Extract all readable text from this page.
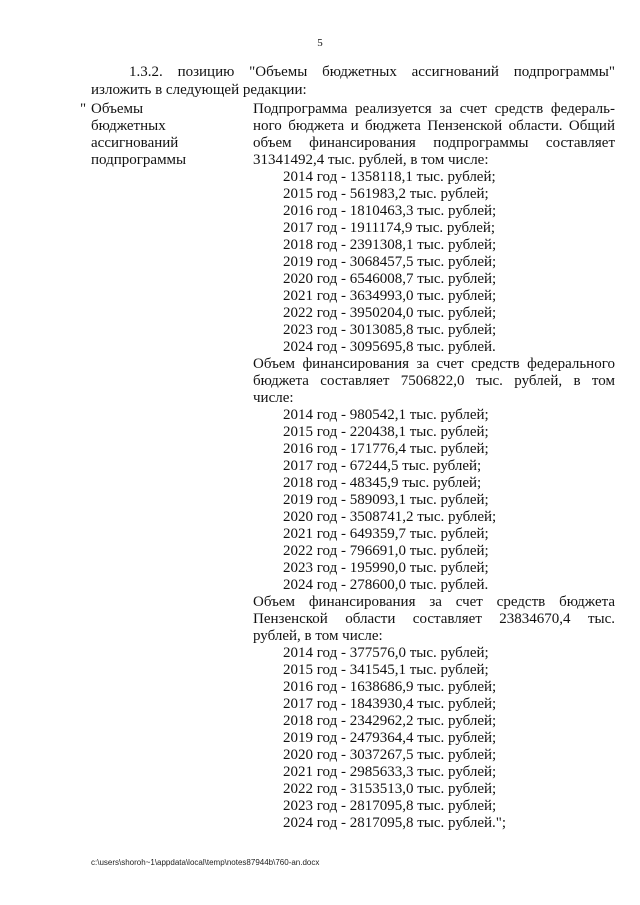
5
1.3.2. позицию "Объемы бюджетных ассигнований подпрограммы"
изложить в следующей редакции:
" Объемы
бюджетных
ассигнований
подпрограммы
Подпрограмма реализуется за счет средств федераль-
ного бюджета и бюджета Пензенской области. Общий
объем финансирования подпрограммы составляет
31341492,4 тыс. рублей, в том числе:
2014 год - 1358118,1 тыс. рублей;
2015 год - 561983,2 тыс. рублей;
2016 год - 1810463,3 тыс. рублей;
2017 год - 1911174,9 тыс. рублей;
2018 год - 2391308,1 тыс. рублей;
2019 год - 3068457,5 тыс. рублей;
2020 год - 6546008,7 тыс. рублей;
2021 год - 3634993,0 тыс. рублей;
2022 год - 3950204,0 тыс. рублей;
2023 год - 3013085,8 тыс. рублей;
2024 год - 3095695,8 тыс. рублей.
Объем финансирования за счет средств федерального
бюджета составляет 7506822,0 тыс. рублей, в том
числе:
2014 год - 980542,1 тыс. рублей;
2015 год - 220438,1 тыс. рублей;
2016 год - 171776,4 тыс. рублей;
2017 год - 67244,5 тыс. рублей;
2018 год - 48345,9 тыс. рублей;
2019 год - 589093,1 тыс. рублей;
2020 год - 3508741,2 тыс. рублей;
2021 год - 649359,7 тыс. рублей;
2022 год - 796691,0 тыс. рублей;
2023 год - 195990,0 тыс. рублей;
2024 год - 278600,0 тыс. рублей.
Объем финансирования за счет средств бюджета
Пензенской области составляет 23834670,4 тыс.
рублей, в том числе:
2014 год - 377576,0 тыс. рублей;
2015 год - 341545,1 тыс. рублей;
2016 год - 1638686,9 тыс. рублей;
2017 год - 1843930,4 тыс. рублей;
2018 год - 2342962,2 тыс. рублей;
2019 год - 2479364,4 тыс. рублей;
2020 год - 3037267,5 тыс. рублей;
2021 год - 2985633,3 тыс. рублей;
2022 год - 3153513,0 тыс. рублей;
2023 год - 2817095,8 тыс. рублей;
2024 год - 2817095,8 тыс. рублей.";
c:\users\shoroh~1\appdata\local\temp\notes87944b\760-an.docx
